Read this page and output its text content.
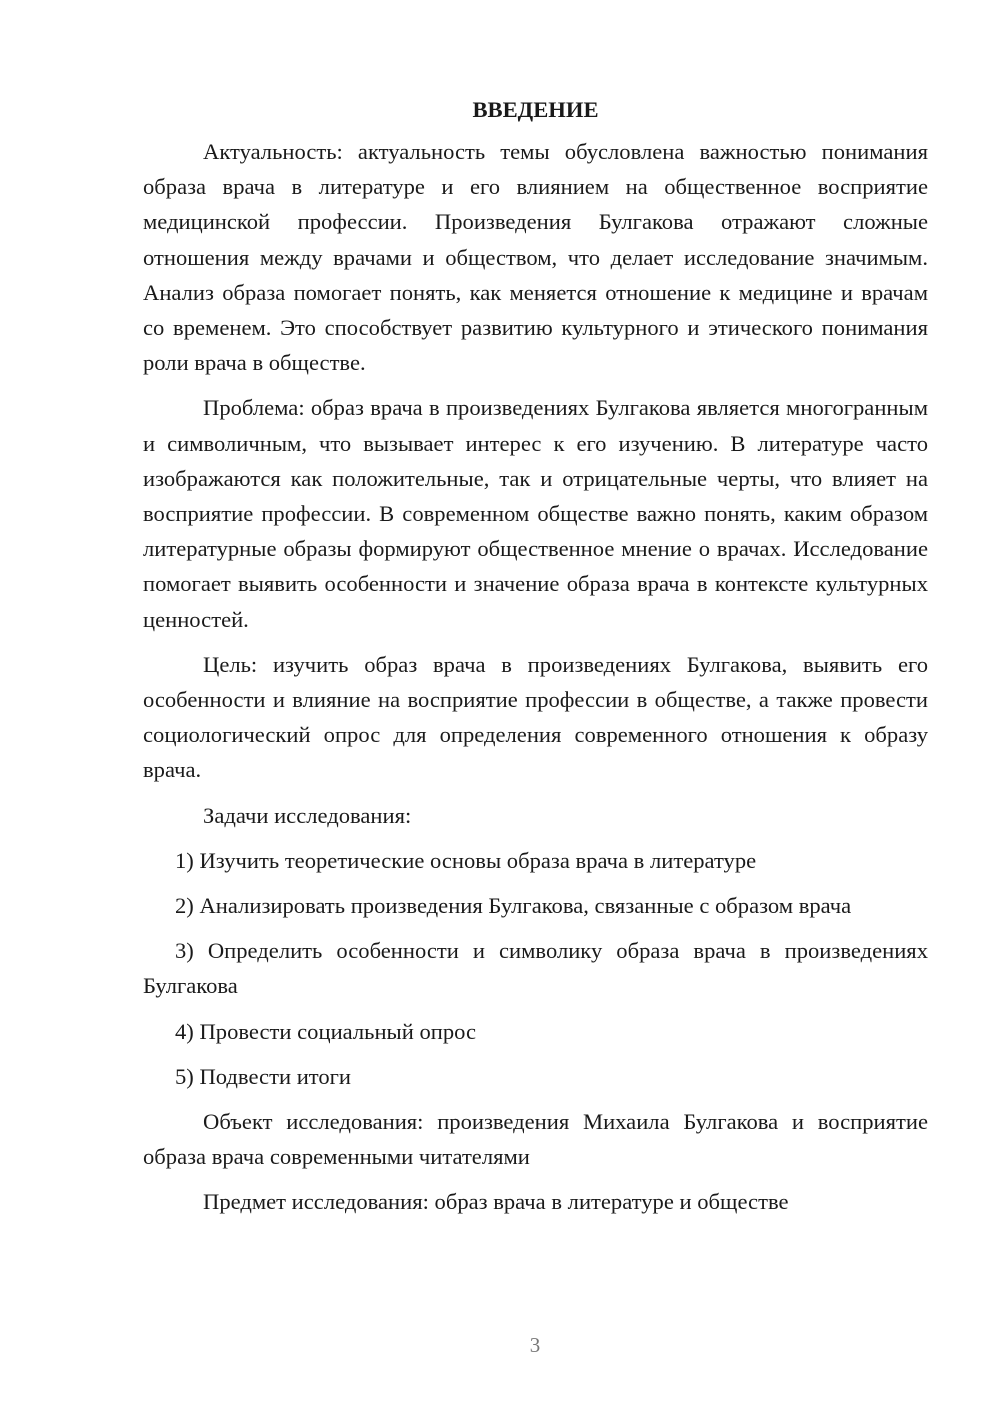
ВВЕДЕНИЕ

Актуальность: актуальность темы обусловлена важностью понимания образа врача в литературе и его влиянием на общественное восприятие медицинской профессии. Произведения Булгакова отражают сложные отношения между врачами и обществом, что делает исследование значимым. Анализ образа помогает понять, как меняется отношение к медицине и врачам со временем. Это способствует развитию культурного и этического понимания роли врача в обществе.

Проблема: образ врача в произведениях Булгакова является многогранным и символичным, что вызывает интерес к его изучению. В литературе часто изображаются как положительные, так и отрицательные черты, что влияет на восприятие профессии. В современном обществе важно понять, каким образом литературные образы формируют общественное мнение о врачах. Исследование помогает выявить особенности и значение образа врача в контексте культурных ценностей.

Цель: изучить образ врача в произведениях Булгакова, выявить его особенности и влияние на восприятие профессии в обществе, а также провести социологический опрос для определения современного отношения к образу врача.

Задачи исследования:

1) Изучить теоретические основы образа врача в литературе

2) Анализировать произведения Булгакова, связанные с образом врача

3) Определить особенности и символику образа врача в произведениях Булгакова

4) Провести социальный опрос

5) Подвести итоги

Объект исследования: произведения Михаила Булгакова и восприятие образа врача современными читателями

Предмет исследования: образ врача в литературе и обществе

3
